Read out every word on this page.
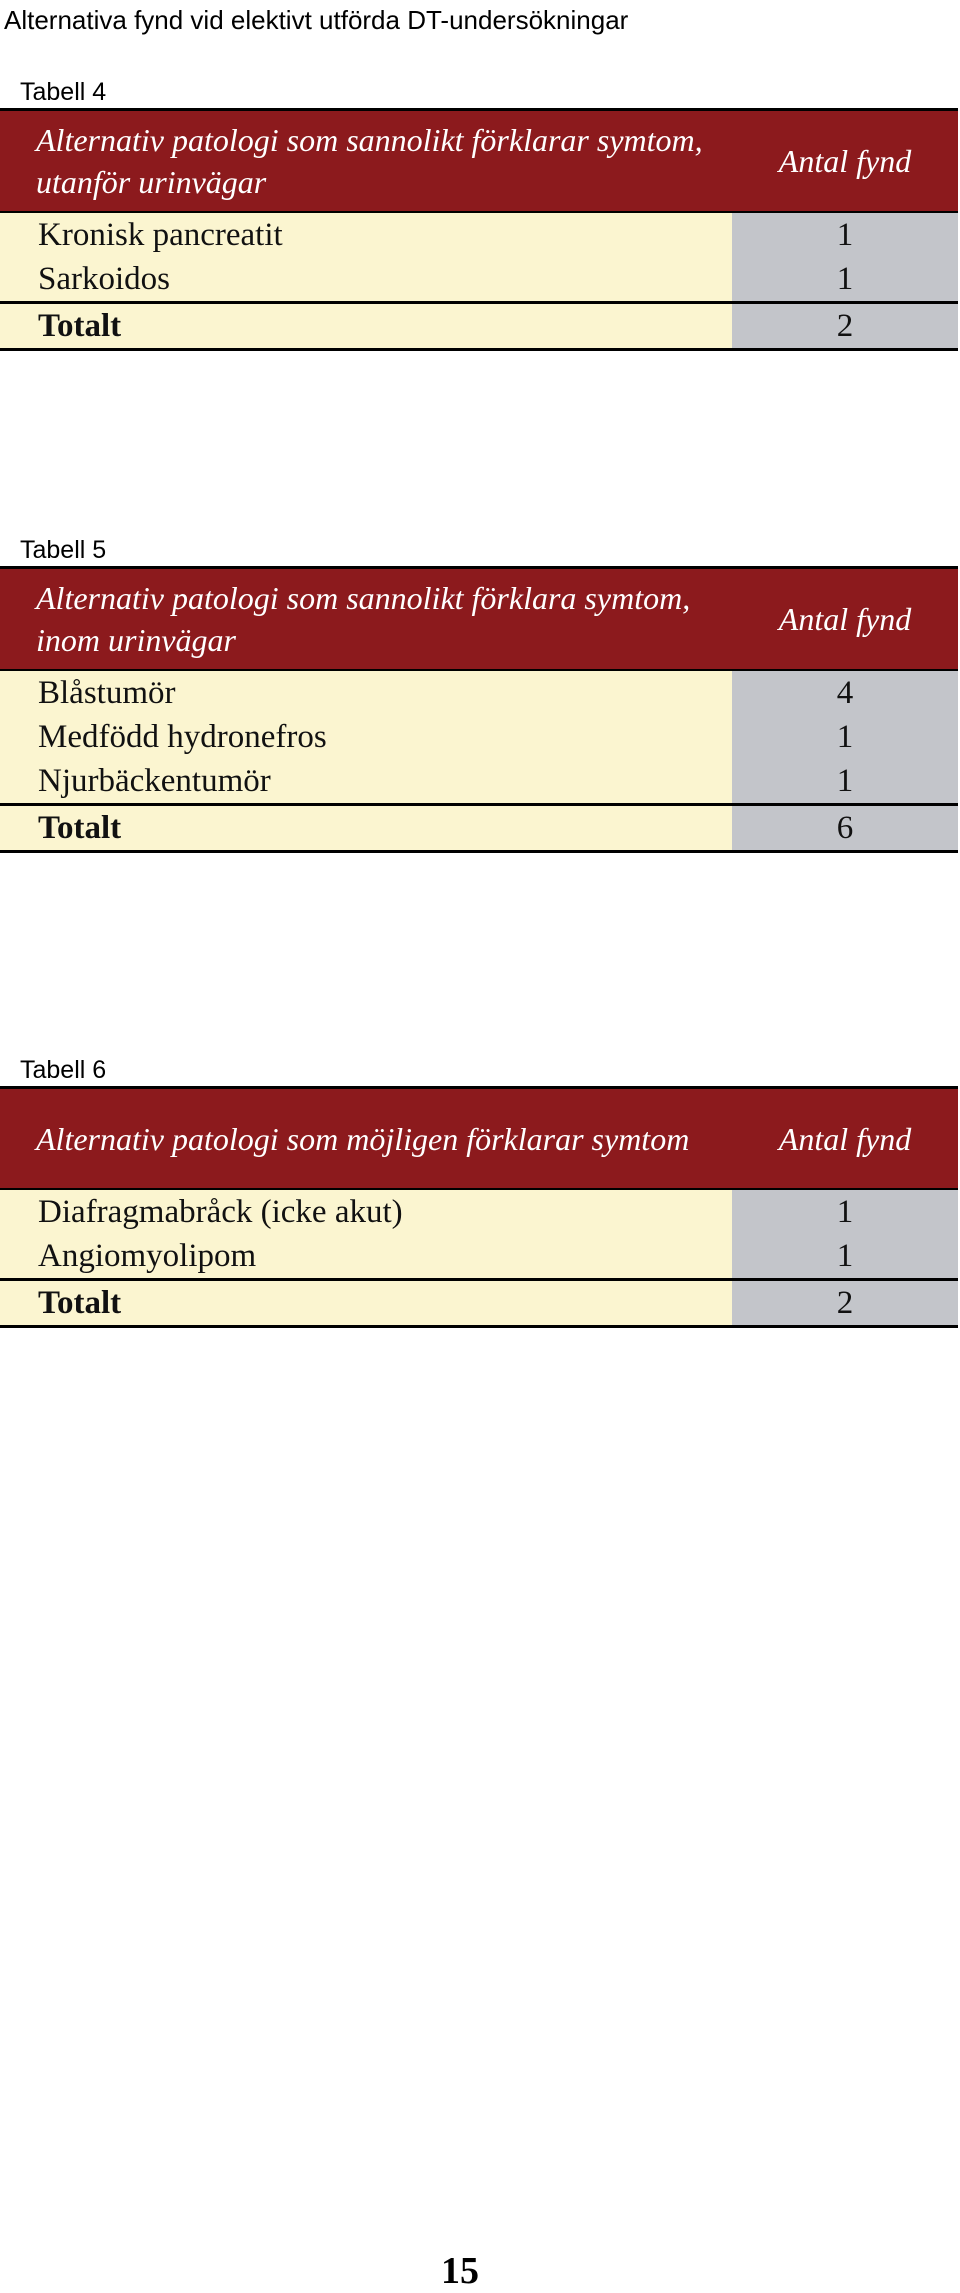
Alternativa fynd vid elektivt utförda DT-undersökningar
Tabell 4
Alternativ patologi som sannolikt förklarar symtom, utanför urinvägar	Antal fynd
Kronisk pancreatit	1
Sarkoidos	1
Totalt	2
Tabell 5
Alternativ patologi som sannolikt förklara symtom, inom urinvägar	Antal fynd
Blåstumör	4
Medfödd hydronefros	1
Njurbäckentumör	1
Totalt	6
Tabell 6
Alternativ patologi som möjligen förklarar symtom	Antal fynd
Diafragmabråck (icke akut)	1
Angiomyolipom	1
Totalt	2
15
